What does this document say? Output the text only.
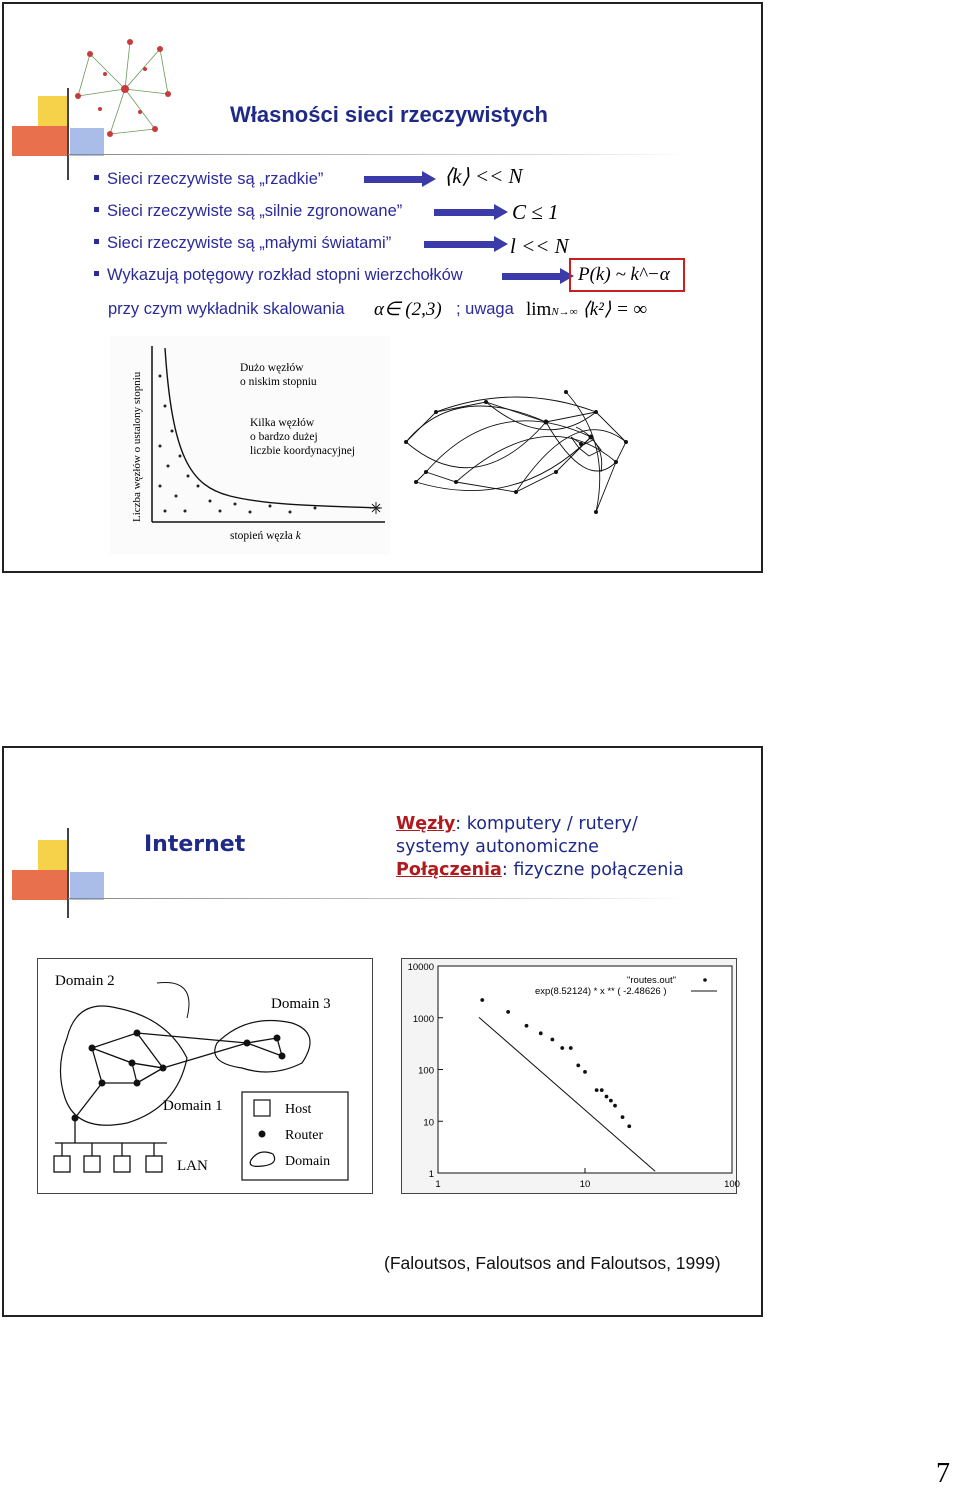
Własności sieci rzeczywistych
Sieci rzeczywiste są „rzadkie”
Sieci rzeczywiste są „silnie zgronowane”
Sieci rzeczywiste są „małymi światami”
Wykazują potęgowy rozkład stopni wierzchołków
⟨k⟩ << N
C ≤ 1
l << N
P(k) ~ k^−α
przy czym wykładnik skalowania α∈ (2,3) ; uwaga limN→∞ ⟨k²⟩ = ∞
Liczba węzłów o ustalony stopniu
Dużo węzłów
o niskim stopniu
Kilka węzłów
o bardzo dużej
liczbie koordynacyjnej
stopień węzła k
Internet
Węzły: komputery / rutery/
systemy autonomiczne
Połączenia: fizyczne połączenia
Domain 2
Domain 3
Domain 1
LAN
Host
Router
Domain
10000
1000
100
10
1
1	10	100
"routes.out"
exp(8.52124) * x ** ( -2.48626 )
(Faloutsos, Faloutsos and Faloutsos, 1999)
7
